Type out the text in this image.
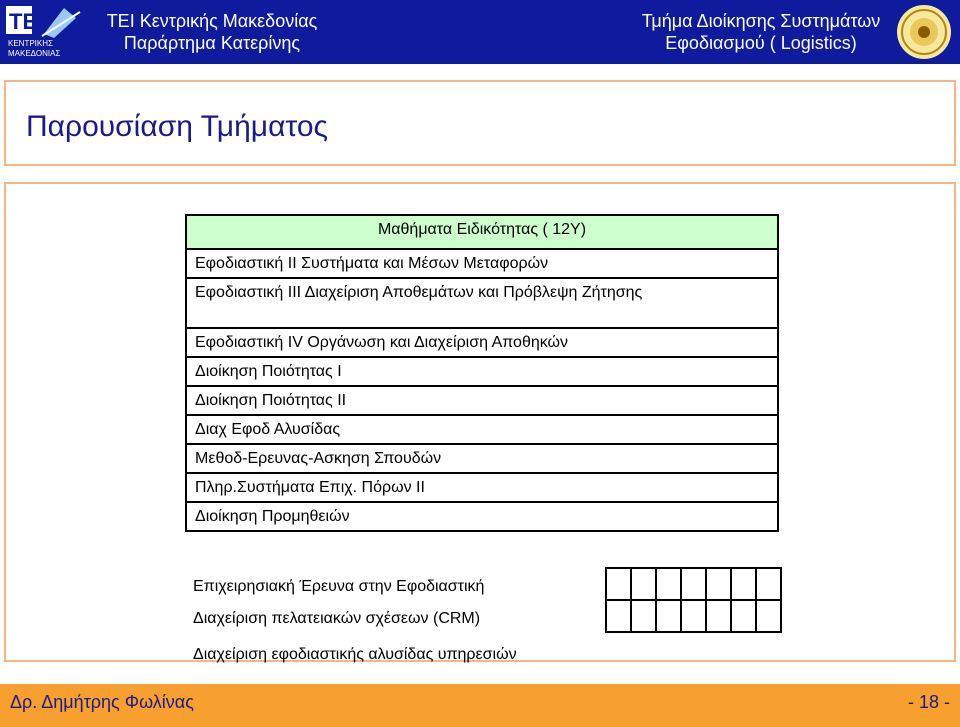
TE
ΚΕΝΤΡΙΚΗΣ
ΜΑΚΕΔΟΝΙΑΣ
ΤΕΙ Κεντρικής Μακεδονίας
Παράρτημα Κατερίνης
Τμήμα Διοίκησης Συστημάτων
Εφοδιασμού ( Logistics)
Παρουσίαση Τμήματος
Μαθήματα Ειδικότητας ( 12Υ)
Εφοδιαστική ΙΙ Συστήματα και Μέσων Μεταφορών
Εφοδιαστική ΙΙΙ Διαχείριση Αποθεμάτων και Πρόβλεψη Ζήτησης
Εφοδιαστική ΙV Οργάνωση και Διαχείριση Αποθηκών
Διοίκηση Ποιότητας Ι
Διοίκηση Ποιότητας ΙΙ
Διαχ Εφοδ Αλυσίδας
Μεθοδ-Ερευνας-Ασκηση Σπουδών
Πληρ.Συστήματα Επιχ. Πόρων ΙΙ
Διοίκηση Προμηθειών

Επιχειρησιακή Έρευνα στην Εφοδιαστική
Διαχείριση πελατειακών σχέσεων (CRM)
Διαχείριση εφοδιαστικής αλυσίδας υπηρεσιών
Δρ. Δημήτρης Φωλίνας	- 18 -
